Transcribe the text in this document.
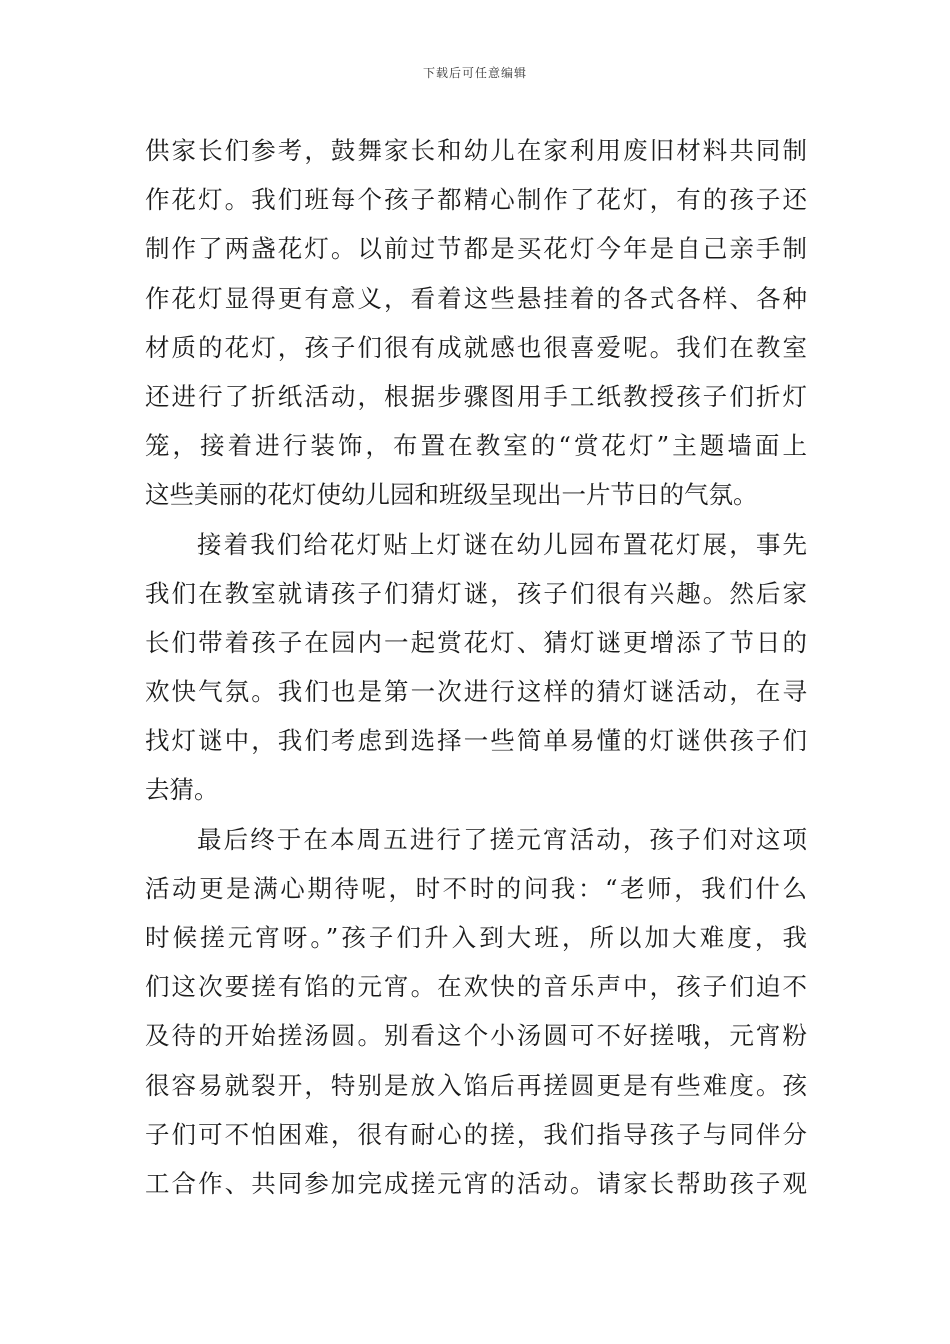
下载后可任意编辑
供家长们参考，鼓舞家长和幼儿在家利用废旧材料共同制
作花灯。我们班每个孩子都精心制作了花灯，有的孩子还
制作了两盏花灯。以前过节都是买花灯今年是自己亲手制
作花灯显得更有意义，看着这些悬挂着的各式各样、各种
材质的花灯，孩子们很有成就感也很喜爱呢。我们在教室
还进行了折纸活动，根据步骤图用手工纸教授孩子们折灯
笼，接着进行装饰，布置在教室的“赏花灯”主题墙面上
这些美丽的花灯使幼儿园和班级呈现出一片节日的气氛。
接着我们给花灯贴上灯谜在幼儿园布置花灯展，事先
我们在教室就请孩子们猜灯谜，孩子们很有兴趣。然后家
长们带着孩子在园内一起赏花灯、猜灯谜更增添了节日的
欢快气氛。我们也是第一次进行这样的猜灯谜活动，在寻
找灯谜中，我们考虑到选择一些简单易懂的灯谜供孩子们
去猜。
最后终于在本周五进行了搓元宵活动，孩子们对这项
活动更是满心期待呢，时不时的问我：“老师，我们什么
时候搓元宵呀。”孩子们升入到大班，所以加大难度，我
们这次要搓有馅的元宵。在欢快的音乐声中，孩子们迫不
及待的开始搓汤圆。别看这个小汤圆可不好搓哦，元宵粉
很容易就裂开，特别是放入馅后再搓圆更是有些难度。孩
子们可不怕困难，很有耐心的搓，我们指导孩子与同伴分
工合作、共同参加完成搓元宵的活动。请家长帮助孩子观
